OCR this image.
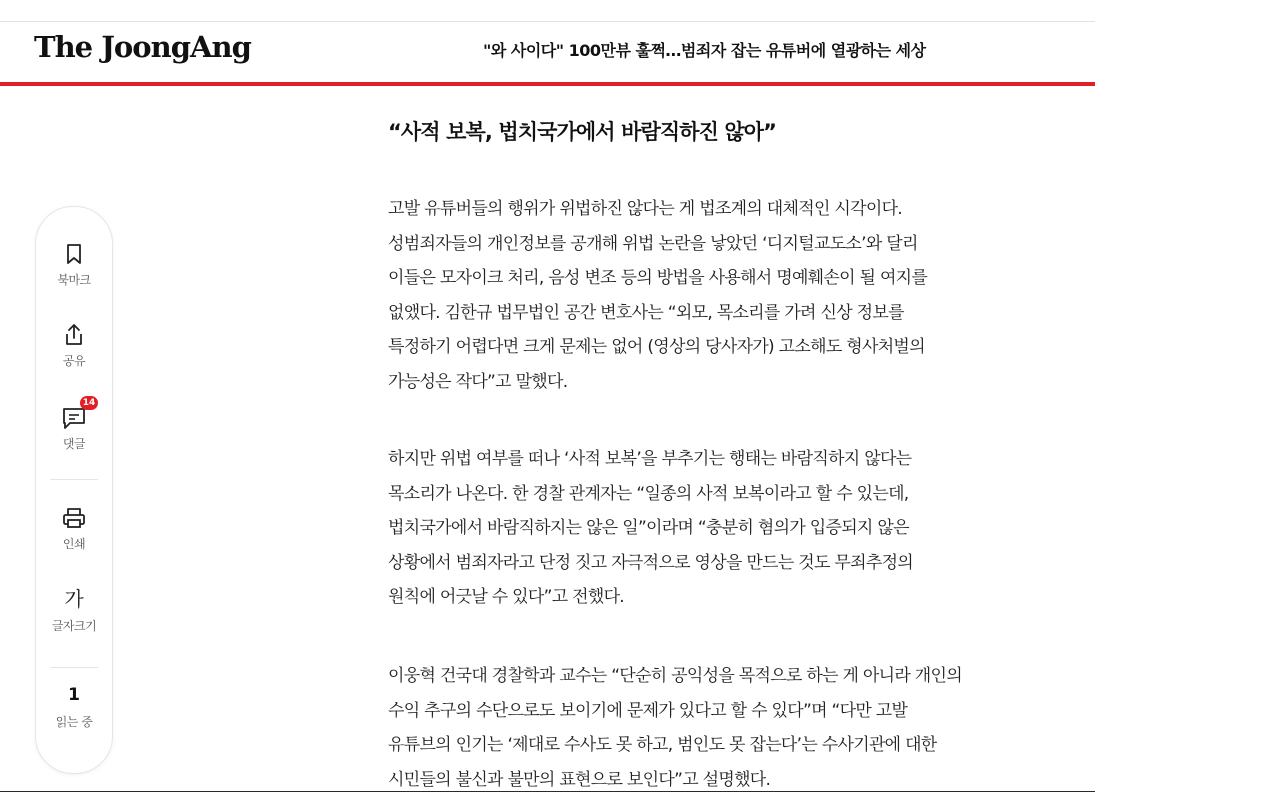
The JoongAng	"와 사이다" 100만뷰 훌쩍…범죄자 잡는 유튜버에 열광하는 세상
북마크
공유
14
댓글
인쇄
가
글자크기
1
읽는 중
“사적 보복, 법치국가에서 바람직하진 않아”

고발 유튜버들의 행위가 위법하진 않다는 게 법조계의 대체적인 시각이다.
성범죄자들의 개인정보를 공개해 위법 논란을 낳았던 ‘디지털교도소’와 달리
이들은 모자이크 처리, 음성 변조 등의 방법을 사용해서 명예훼손이 될 여지를
없앴다. 김한규 법무법인 공간 변호사는 “외모, 목소리를 가려 신상 정보를
특정하기 어렵다면 크게 문제는 없어 (영상의 당사자가) 고소해도 형사처벌의
가능성은 작다”고 말했다.

하지만 위법 여부를 떠나 ‘사적 보복’을 부추기는 행태는 바람직하지 않다는
목소리가 나온다. 한 경찰 관계자는 “일종의 사적 보복이라고 할 수 있는데,
법치국가에서 바람직하지는 않은 일”이라며 “충분히 혐의가 입증되지 않은
상황에서 범죄자라고 단정 짓고 자극적으로 영상을 만드는 것도 무죄추정의
원칙에 어긋날 수 있다”고 전했다.

이웅혁 건국대 경찰학과 교수는 “단순히 공익성을 목적으로 하는 게 아니라 개인의
수익 추구의 수단으로도 보이기에 문제가 있다고 할 수 있다”며 “다만 고발
유튜브의 인기는 ‘제대로 수사도 못 하고, 범인도 못 잡는다’는 수사기관에 대한
시민들의 불신과 불만의 표현으로 보인다”고 설명했다.
